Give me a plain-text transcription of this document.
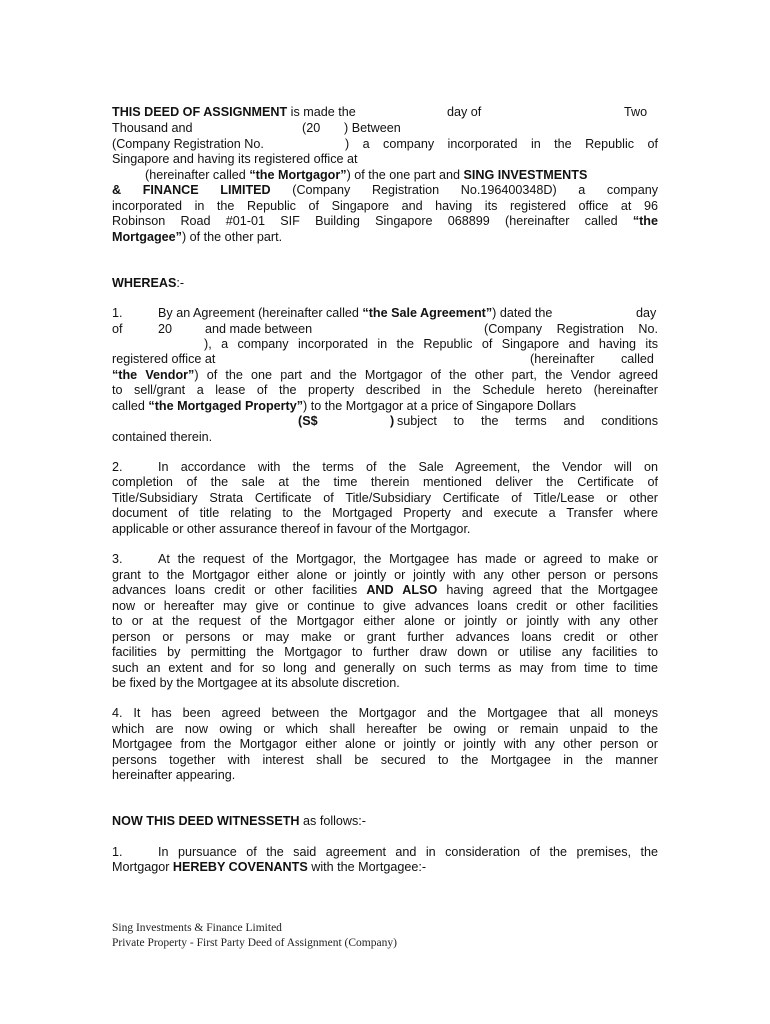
THIS DEED OF ASSIGNMENT is made the	day of	Two
Thousand and	(20 ) Between
(Company Registration No.	) a company incorporated in the Republic of
Singapore and having its registered office at
(hereinafter called “the Mortgagor”) of the one part and SING INVESTMENTS
& FINANCE LIMITED (Company Registration No.196400348D) a company
incorporated in the Republic of Singapore and having its registered office at 96
Robinson Road #01-01 SIF Building Singapore 068899 (hereinafter called “the
Mortgagee”) of the other part.
WHEREAS:-
1.	By an Agreement (hereinafter called “the Sale Agreement”) dated the	day
of	20	and made between	(Company Registration No.
), a company incorporated in the Republic of Singapore and having its
registered office at	(hereinafter called
“the Vendor”) of the one part and the Mortgagor of the other part, the Vendor agreed
to sell/grant a lease of the property described in the Schedule hereto (hereinafter
called “the Mortgaged Property”) to the Mortgagor at a price of Singapore Dollars
(S$	) subject to the terms and conditions
contained therein.
2.	In accordance with the terms of the Sale Agreement, the Vendor will on
completion of the sale at the time therein mentioned deliver the Certificate of
Title/Subsidiary Strata Certificate of Title/Subsidiary Certificate of Title/Lease or other
document of title relating to the Mortgaged Property and execute a Transfer where
applicable or other assurance thereof in favour of the Mortgagor.
3.	At the request of the Mortgagor, the Mortgagee has made or agreed to make or
grant to the Mortgagor either alone or jointly or jointly with any other person or persons
advances loans credit or other facilities AND ALSO having agreed that the Mortgagee
now or hereafter may give or continue to give advances loans credit or other facilities
to or at the request of the Mortgagor either alone or jointly or jointly with any other
person or persons or may make or grant further advances loans credit or other
facilities by permitting the Mortgagor to further draw down or utilise any facilities to
such an extent and for so long and generally on such terms as may from time to time
be fixed by the Mortgagee at its absolute discretion.
4. It has been agreed between the Mortgagor and the Mortgagee that all moneys
which are now owing or which shall hereafter be owing or remain unpaid to the
Mortgagee from the Mortgagor either alone or jointly or jointly with any other person or
persons together with interest shall be secured to the Mortgagee in the manner
hereinafter appearing.
NOW THIS DEED WITNESSETH as follows:-
1.	In pursuance of the said agreement and in consideration of the premises, the
Mortgagor HEREBY COVENANTS with the Mortgagee:-
Sing Investments & Finance Limited
Private Property - First Party Deed of Assignment (Company)
